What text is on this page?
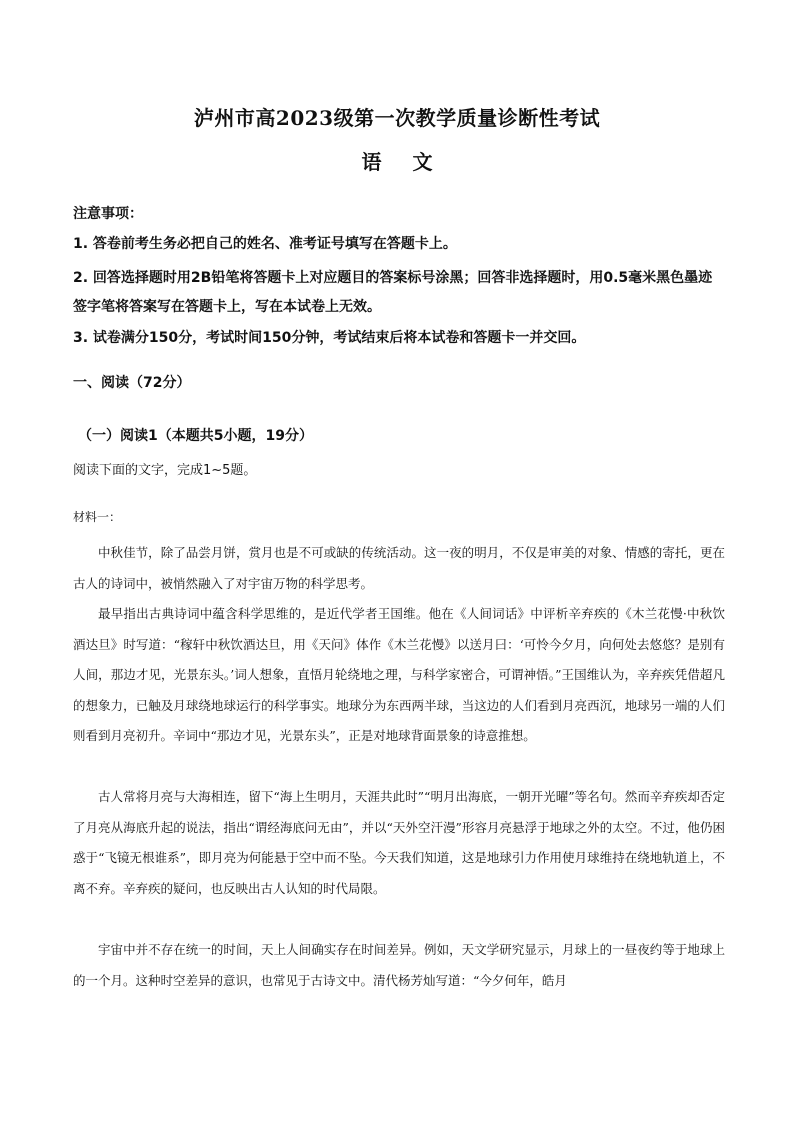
泸州市高2023级第一次教学质量诊断性考试
语 文
注意事项：
1. 答卷前考生务必把自己的姓名、准考证号填写在答题卡上。
2. 回答选择题时用2B铅笔将答题卡上对应题目的答案标号涂黑；回答非选择题时，用0.5毫米黑色墨迹签字笔将答案写在答题卡上，写在本试卷上无效。
3. 试卷满分150分，考试时间150分钟，考试结束后将本试卷和答题卡一并交回。
一、阅读（72分）
（一）阅读1（本题共5小题，19分）
阅读下面的文字，完成1~5题。
材料一：

中秋佳节，除了品尝月饼，赏月也是不可或缺的传统活动。这一夜的明月，不仅是审美的对象、情感的寄托，更在古人的诗词中，被悄然融入了对宇宙万物的科学思考。

最早指出古典诗词中蕴含科学思维的，是近代学者王国维。他在《人间词话》中评析辛弃疾的《木兰花慢·中秋饮酒达旦》时写道：“稼轩中秋饮酒达旦，用《天问》体作《木兰花慢》以送月曰：‘可怜今夕月，向何处去悠悠？是别有人间，那边才见，光景东头。’词人想象，直悟月轮绕地之理，与科学家密合，可谓神悟。”王国维认为，辛弃疾凭借超凡的想象力，已触及月球绕地球运行的科学事实。地球分为东西两半球，当这边的人们看到月亮西沉，地球另一端的人们则看到月亮初升。辛词中“那边才见，光景东头”，正是对地球背面景象的诗意推想。

古人常将月亮与大海相连，留下“海上生明月，天涯共此时”“明月出海底，一朝开光曜”等名句。然而辛弃疾却否定了月亮从海底升起的说法，指出“谓经海底问无由”，并以“天外空汗漫”形容月亮悬浮于地球之外的太空。不过，他仍困惑于“飞镜无根谁系”，即月亮为何能悬于空中而不坠。今天我们知道，这是地球引力作用使月球维持在绕地轨道上，不离不弃。辛弃疾的疑问，也反映出古人认知的时代局限。

宇宙中并不存在统一的时间，天上人间确实存在时间差异。例如，天文学研究显示，月球上的一昼夜约等于地球上的一个月。这种时空差异的意识，也常见于古诗文中。清代杨芳灿写道：“今夕何年，皓月
